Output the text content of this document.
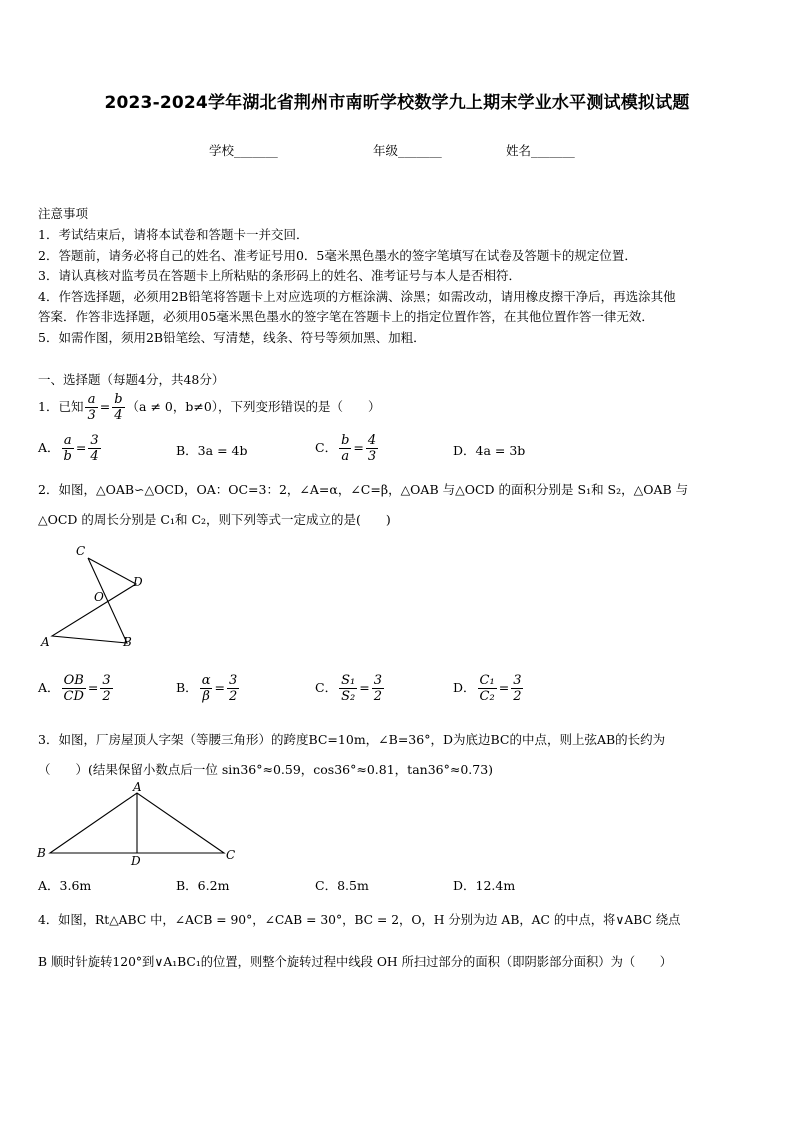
2023-2024学年湖北省荆州市南昕学校数学九上期末学业水平测试模拟试题
学校_______	年级_______	姓名_______
注意事项
1．考试结束后，请将本试卷和答题卡一并交回．
2．答题前，请务必将自己的姓名、准考证号用0．5毫米黑色墨水的签字笔填写在试卷及答题卡的规定位置．
3．请认真核对监考员在答题卡上所粘贴的条形码上的姓名、准考证号与本人是否相符．
4．作答选择题，必须用2B铅笔将答题卡上对应选项的方框涂满、涂黑；如需改动，请用橡皮擦干净后，再选涂其他
答案．作答非选择题，必须用05毫米黑色墨水的签字笔在答题卡上的指定位置作答，在其他位置作答一律无效．
5．如需作图，须用2B铅笔绘、写清楚，线条、符号等须加黑、加粗．
一、选择题（每题4分，共48分）
1．已知 $\frac{a}{3} = \frac{b}{4} (a \ne 0$，b≠0），下列变形错误的是（　　）
A． $\frac{a}{b} = \frac{3}{4}$	B．3a = 4b	C． $\frac{b}{a} = \frac{4}{3}$	D．4a = 3b
2．如图，△OAB∽△OCD，OA：OC=3：2，∠A=α，∠C=β，△OAB 与△OCD 的面积分别是 S₁和 S₂，△OAB 与
△OCD 的周长分别是 C₁和 C₂，则下列等式一定成立的是(　　)
C
D
O
A	B
A． $\frac{OB}{CD} = \frac{3}{2}$	B． $\frac{\alpha}{\beta} = \frac{3}{2}$	C． $\frac{\text{S₁}}{\text{S₂}} = \frac{3}{2}$	D． $\frac{\text{C₁}}{\text{C₂}} = \frac{3}{2}$
3．如图，厂房屋顶人字架（等腰三角形）的跨度BC=10m，∠B=36°，D为底边BC的中点，则上弦AB的长约为
（　　）(结果保留小数点后一位 sin36°≈0.59，cos36°≈0.81，tan36°≈0.73)
A
B
D	C
A．3.6m	B．6.2m	C．8.5m	D．12.4m
4．如图，Rt△ABC 中，∠ACB = 90°，∠CAB = 30°，BC = 2，O，H 分别为边 AB，AC 的中点，将∨ABC 绕点
B 顺时针旋转120°到∨A₁BC₁的位置，则整个旋转过程中线段 OH 所扫过部分的面积（即阴影部分面积）为（　　）
